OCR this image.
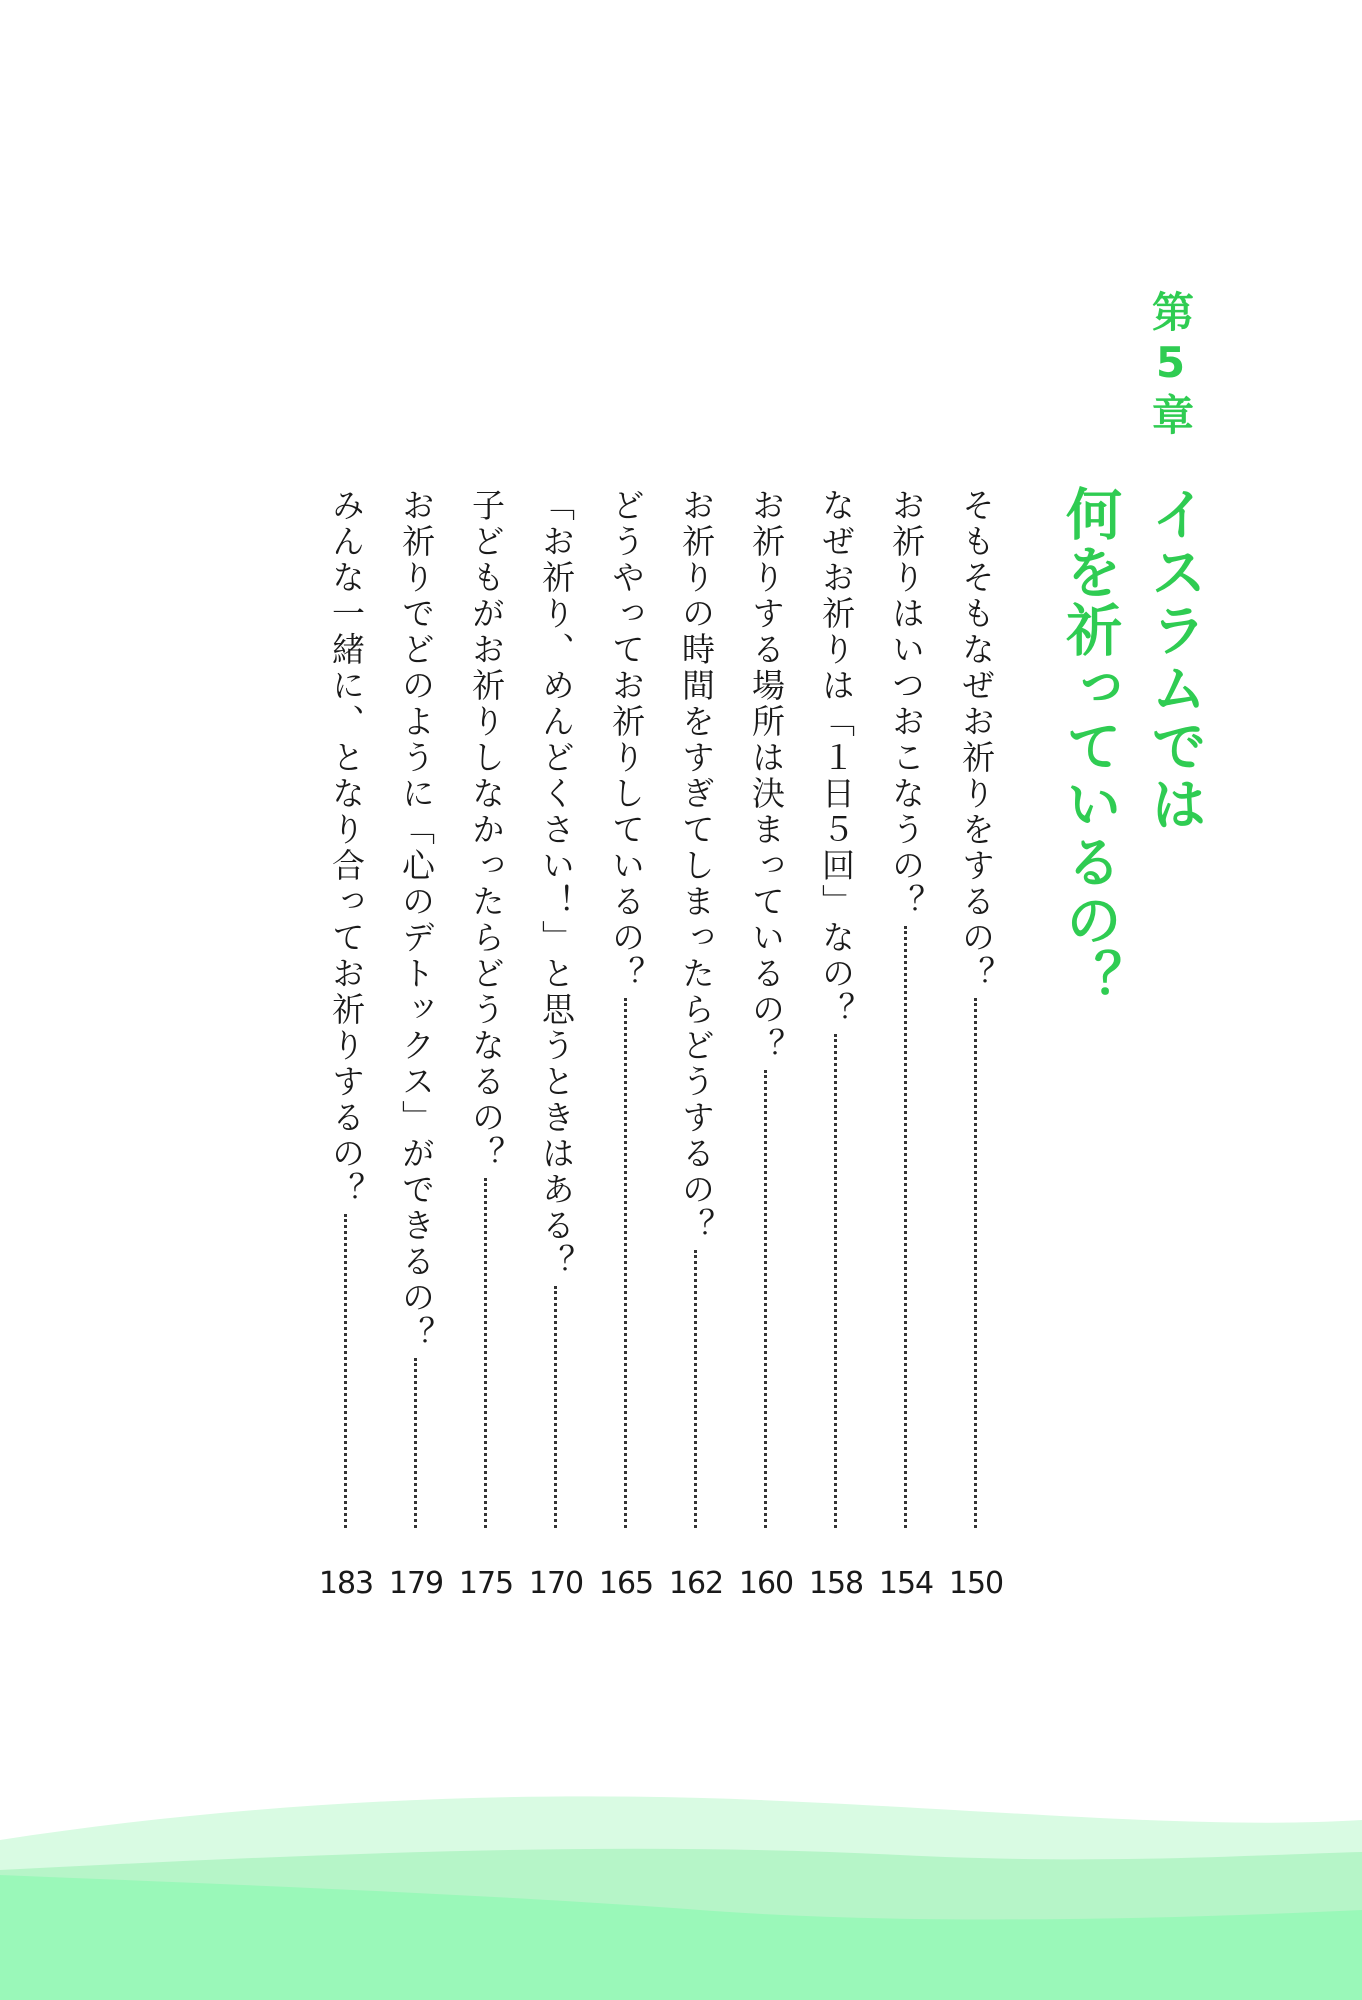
第5章
イスラムでは
何を祈っているの？
そもそもなぜお祈りをするの？
150
お祈りはいつおこなうの？
154
なぜお祈りは「１日５回」なの？
158
お祈りする場所は決まっているの？
160
お祈りの時間をすぎてしまったらどうするの？
162
どうやってお祈りしているの？
165
「お祈り、めんどくさい！」と思うときはある？
170
子どもがお祈りしなかったらどうなるの？
175
お祈りでどのように「心のデトックス」ができるの？
179
みんな一緒に、となり合ってお祈りするの？
183
